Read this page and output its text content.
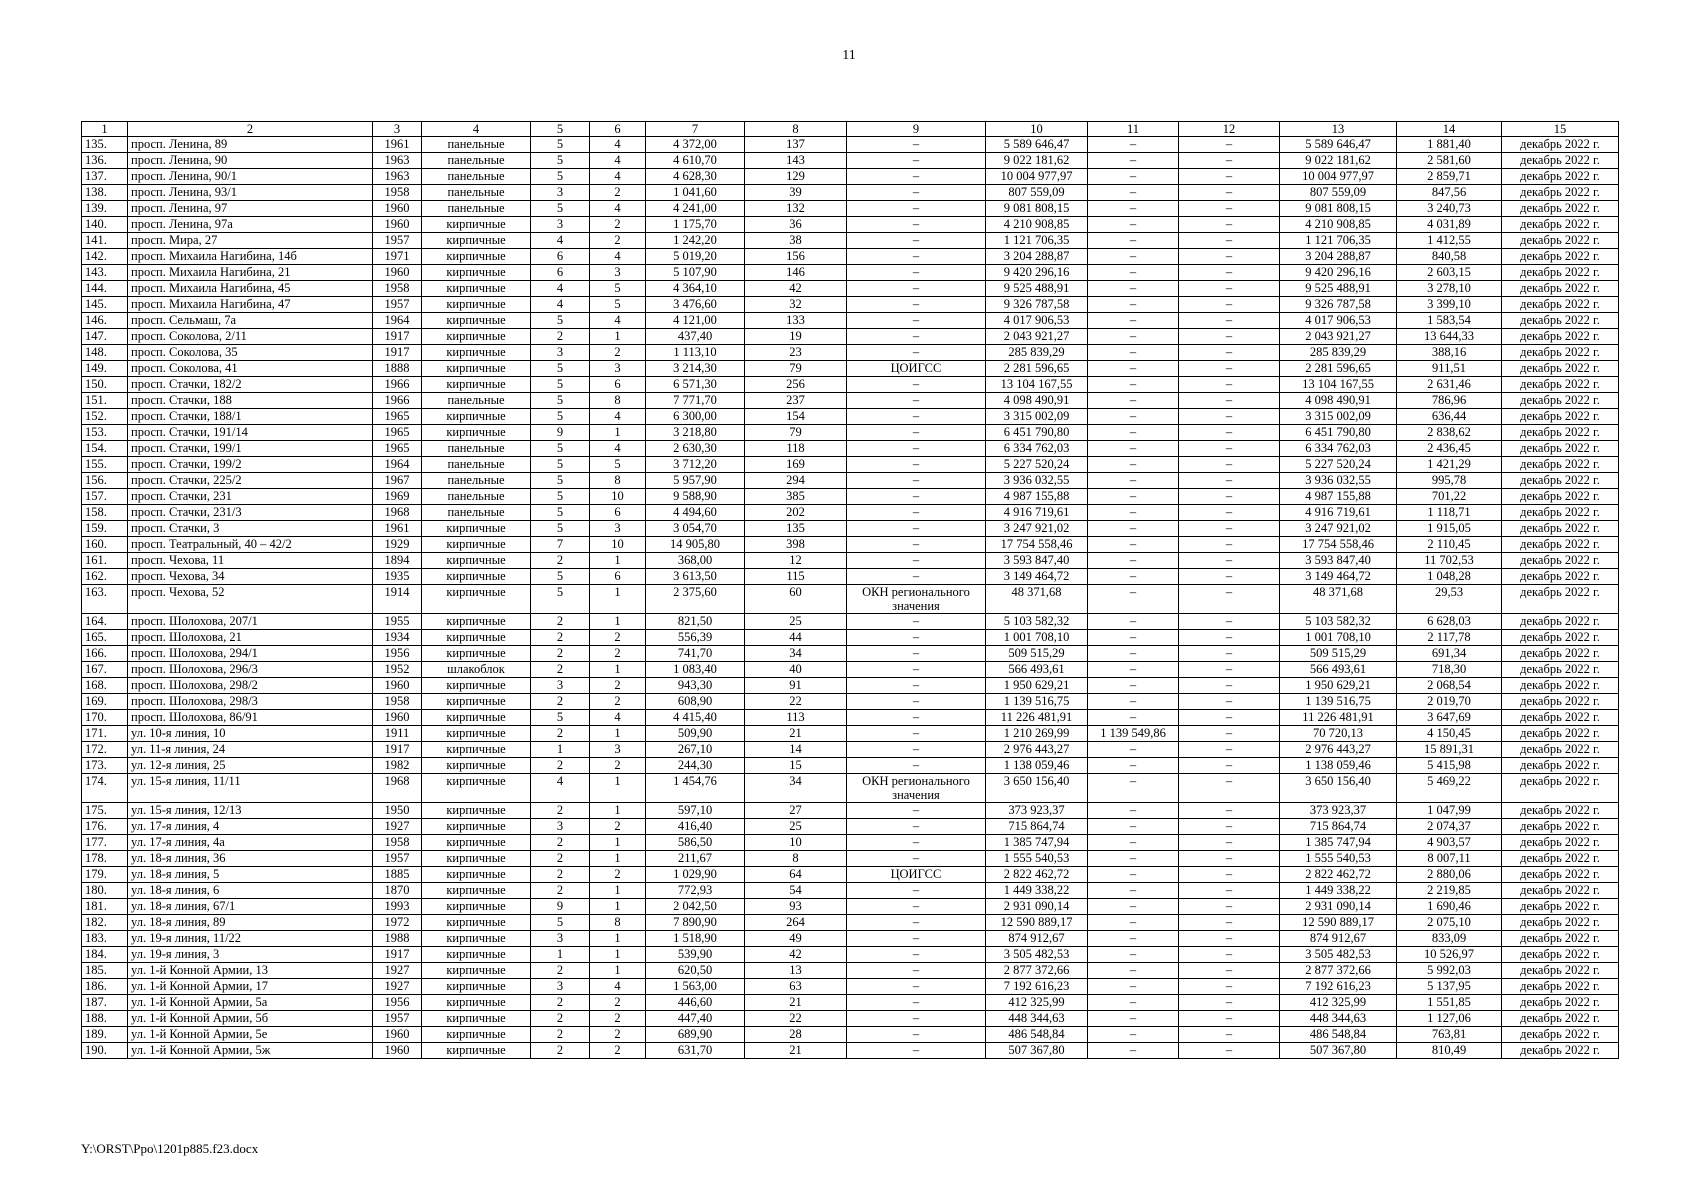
11
1	2	3	4	5	6	7	8	9	10	11	12	13	14	15
135.	просп. Ленина, 89	1961	панельные	5	4	4 372,00	137	–	5 589 646,47	–	–	5 589 646,47	1 881,40	декабрь 2022 г.
136.	просп. Ленина, 90	1963	панельные	5	4	4 610,70	143	–	9 022 181,62	–	–	9 022 181,62	2 581,60	декабрь 2022 г.
137.	просп. Ленина, 90/1	1963	панельные	5	4	4 628,30	129	–	10 004 977,97	–	–	10 004 977,97	2 859,71	декабрь 2022 г.
138.	просп. Ленина, 93/1	1958	панельные	3	2	1 041,60	39	–	807 559,09	–	–	807 559,09	847,56	декабрь 2022 г.
139.	просп. Ленина, 97	1960	панельные	5	4	4 241,00	132	–	9 081 808,15	–	–	9 081 808,15	3 240,73	декабрь 2022 г.
140.	просп. Ленина, 97а	1960	кирпичные	3	2	1 175,70	36	–	4 210 908,85	–	–	4 210 908,85	4 031,89	декабрь 2022 г.
141.	просп. Мира, 27	1957	кирпичные	4	2	1 242,20	38	–	1 121 706,35	–	–	1 121 706,35	1 412,55	декабрь 2022 г.
142.	просп. Михаила Нагибина, 14б	1971	кирпичные	6	4	5 019,20	156	–	3 204 288,87	–	–	3 204 288,87	840,58	декабрь 2022 г.
143.	просп. Михаила Нагибина, 21	1960	кирпичные	6	3	5 107,90	146	–	9 420 296,16	–	–	9 420 296,16	2 603,15	декабрь 2022 г.
144.	просп. Михаила Нагибина, 45	1958	кирпичные	4	5	4 364,10	42	–	9 525 488,91	–	–	9 525 488,91	3 278,10	декабрь 2022 г.
145.	просп. Михаила Нагибина, 47	1957	кирпичные	4	5	3 476,60	32	–	9 326 787,58	–	–	9 326 787,58	3 399,10	декабрь 2022 г.
146.	просп. Сельмаш, 7а	1964	кирпичные	5	4	4 121,00	133	–	4 017 906,53	–	–	4 017 906,53	1 583,54	декабрь 2022 г.
147.	просп. Соколова, 2/11	1917	кирпичные	2	1	437,40	19	–	2 043 921,27	–	–	2 043 921,27	13 644,33	декабрь 2022 г.
148.	просп. Соколова, 35	1917	кирпичные	3	2	1 113,10	23	–	285 839,29	–	–	285 839,29	388,16	декабрь 2022 г.
149.	просп. Соколова, 41	1888	кирпичные	5	3	3 214,30	79	ЦОИГСС	2 281 596,65	–	–	2 281 596,65	911,51	декабрь 2022 г.
150.	просп. Стачки, 182/2	1966	кирпичные	5	6	6 571,30	256	–	13 104 167,55	–	–	13 104 167,55	2 631,46	декабрь 2022 г.
151.	просп. Стачки, 188	1966	панельные	5	8	7 771,70	237	–	4 098 490,91	–	–	4 098 490,91	786,96	декабрь 2022 г.
152.	просп. Стачки, 188/1	1965	кирпичные	5	4	6 300,00	154	–	3 315 002,09	–	–	3 315 002,09	636,44	декабрь 2022 г.
153.	просп. Стачки, 191/14	1965	кирпичные	9	1	3 218,80	79	–	6 451 790,80	–	–	6 451 790,80	2 838,62	декабрь 2022 г.
154.	просп. Стачки, 199/1	1965	панельные	5	4	2 630,30	118	–	6 334 762,03	–	–	6 334 762,03	2 436,45	декабрь 2022 г.
155.	просп. Стачки, 199/2	1964	панельные	5	5	3 712,20	169	–	5 227 520,24	–	–	5 227 520,24	1 421,29	декабрь 2022 г.
156.	просп. Стачки, 225/2	1967	панельные	5	8	5 957,90	294	–	3 936 032,55	–	–	3 936 032,55	995,78	декабрь 2022 г.
157.	просп. Стачки, 231	1969	панельные	5	10	9 588,90	385	–	4 987 155,88	–	–	4 987 155,88	701,22	декабрь 2022 г.
158.	просп. Стачки, 231/3	1968	панельные	5	6	4 494,60	202	–	4 916 719,61	–	–	4 916 719,61	1 118,71	декабрь 2022 г.
159.	просп. Стачки, 3	1961	кирпичные	5	3	3 054,70	135	–	3 247 921,02	–	–	3 247 921,02	1 915,05	декабрь 2022 г.
160.	просп. Театральный, 40 – 42/2	1929	кирпичные	7	10	14 905,80	398	–	17 754 558,46	–	–	17 754 558,46	2 110,45	декабрь 2022 г.
161.	просп. Чехова, 11	1894	кирпичные	2	1	368,00	12	–	3 593 847,40	–	–	3 593 847,40	11 702,53	декабрь 2022 г.
162.	просп. Чехова, 34	1935	кирпичные	5	6	3 613,50	115	–	3 149 464,72	–	–	3 149 464,72	1 048,28	декабрь 2022 г.
163.	просп. Чехова, 52	1914	кирпичные	5	1	2 375,60	60	ОКН регионального значения	48 371,68	–	–	48 371,68	29,53	декабрь 2022 г.
164.	просп. Шолохова, 207/1	1955	кирпичные	2	1	821,50	25	–	5 103 582,32	–	–	5 103 582,32	6 628,03	декабрь 2022 г.
165.	просп. Шолохова, 21	1934	кирпичные	2	2	556,39	44	–	1 001 708,10	–	–	1 001 708,10	2 117,78	декабрь 2022 г.
166.	просп. Шолохова, 294/1	1956	кирпичные	2	2	741,70	34	–	509 515,29	–	–	509 515,29	691,34	декабрь 2022 г.
167.	просп. Шолохова, 296/3	1952	шлакоблок	2	1	1 083,40	40	–	566 493,61	–	–	566 493,61	718,30	декабрь 2022 г.
168.	просп. Шолохова, 298/2	1960	кирпичные	3	2	943,30	91	–	1 950 629,21	–	–	1 950 629,21	2 068,54	декабрь 2022 г.
169.	просп. Шолохова, 298/3	1958	кирпичные	2	2	608,90	22	–	1 139 516,75	–	–	1 139 516,75	2 019,70	декабрь 2022 г.
170.	просп. Шолохова, 86/91	1960	кирпичные	5	4	4 415,40	113	–	11 226 481,91	–	–	11 226 481,91	3 647,69	декабрь 2022 г.
171.	ул. 10-я линия, 10	1911	кирпичные	2	1	509,90	21	–	1 210 269,99	1 139 549,86	–	70 720,13	4 150,45	декабрь 2022 г.
172.	ул. 11-я линия, 24	1917	кирпичные	1	3	267,10	14	–	2 976 443,27	–	–	2 976 443,27	15 891,31	декабрь 2022 г.
173.	ул. 12-я линия, 25	1982	кирпичные	2	2	244,30	15	–	1 138 059,46	–	–	1 138 059,46	5 415,98	декабрь 2022 г.
174.	ул. 15-я линия, 11/11	1968	кирпичные	4	1	1 454,76	34	ОКН регионального значения	3 650 156,40	–	–	3 650 156,40	5 469,22	декабрь 2022 г.
175.	ул. 15-я линия, 12/13	1950	кирпичные	2	1	597,10	27	–	373 923,37	–	–	373 923,37	1 047,99	декабрь 2022 г.
176.	ул. 17-я линия, 4	1927	кирпичные	3	2	416,40	25	–	715 864,74	–	–	715 864,74	2 074,37	декабрь 2022 г.
177.	ул. 17-я линия, 4а	1958	кирпичные	2	1	586,50	10	–	1 385 747,94	–	–	1 385 747,94	4 903,57	декабрь 2022 г.
178.	ул. 18-я линия, 36	1957	кирпичные	2	1	211,67	8	–	1 555 540,53	–	–	1 555 540,53	8 007,11	декабрь 2022 г.
179.	ул. 18-я линия, 5	1885	кирпичные	2	2	1 029,90	64	ЦОИГСС	2 822 462,72	–	–	2 822 462,72	2 880,06	декабрь 2022 г.
180.	ул. 18-я линия, 6	1870	кирпичные	2	1	772,93	54	–	1 449 338,22	–	–	1 449 338,22	2 219,85	декабрь 2022 г.
181.	ул. 18-я линия, 67/1	1993	кирпичные	9	1	2 042,50	93	–	2 931 090,14	–	–	2 931 090,14	1 690,46	декабрь 2022 г.
182.	ул. 18-я линия, 89	1972	кирпичные	5	8	7 890,90	264	–	12 590 889,17	–	–	12 590 889,17	2 075,10	декабрь 2022 г.
183.	ул. 19-я линия, 11/22	1988	кирпичные	3	1	1 518,90	49	–	874 912,67	–	–	874 912,67	833,09	декабрь 2022 г.
184.	ул. 19-я линия, 3	1917	кирпичные	1	1	539,90	42	–	3 505 482,53	–	–	3 505 482,53	10 526,97	декабрь 2022 г.
185.	ул. 1-й Конной Армии, 13	1927	кирпичные	2	1	620,50	13	–	2 877 372,66	–	–	2 877 372,66	5 992,03	декабрь 2022 г.
186.	ул. 1-й Конной Армии, 17	1927	кирпичные	3	4	1 563,00	63	–	7 192 616,23	–	–	7 192 616,23	5 137,95	декабрь 2022 г.
187.	ул. 1-й Конной Армии, 5а	1956	кирпичные	2	2	446,60	21	–	412 325,99	–	–	412 325,99	1 551,85	декабрь 2022 г.
188.	ул. 1-й Конной Армии, 5б	1957	кирпичные	2	2	447,40	22	–	448 344,63	–	–	448 344,63	1 127,06	декабрь 2022 г.
189.	ул. 1-й Конной Армии, 5е	1960	кирпичные	2	2	689,90	28	–	486 548,84	–	–	486 548,84	763,81	декабрь 2022 г.
190.	ул. 1-й Конной Армии, 5ж	1960	кирпичные	2	2	631,70	21	–	507 367,80	–	–	507 367,80	810,49	декабрь 2022 г.
Y:\ORST\Ppo\1201p885.f23.docx
